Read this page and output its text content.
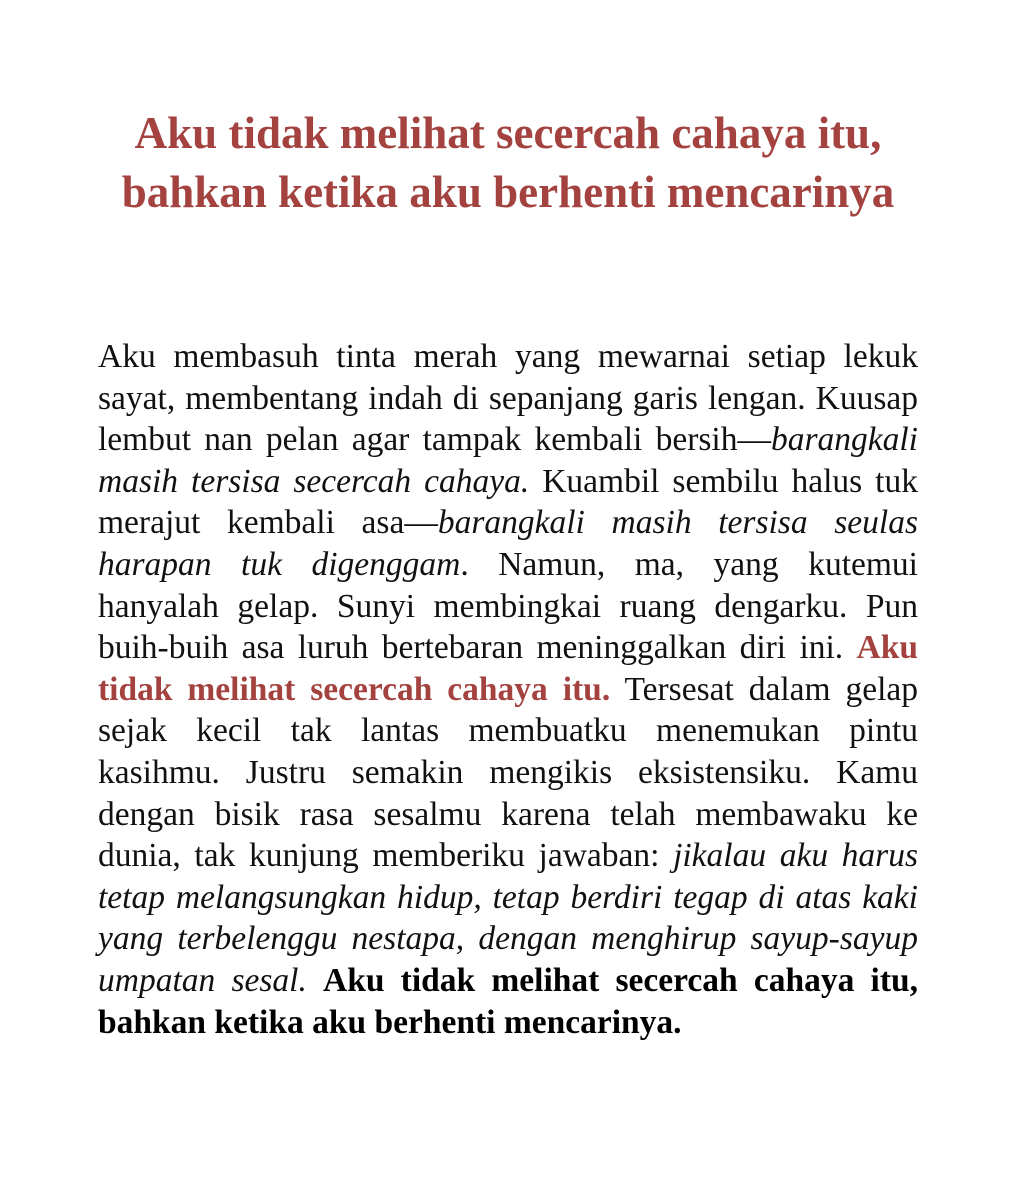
Aku tidak melihat secercah cahaya itu, bahkan ketika aku berhenti mencarinya

Aku membasuh tinta merah yang mewarnai setiap lekuk sayat, membentang indah di sepanjang garis lengan. Kuusap lembut nan pelan agar tampak kembali bersih—barangkali masih tersisa secercah cahaya. Kuambil sembilu halus tuk merajut kembali asa—barangkali masih tersisa seulas harapan tuk digenggam. Namun, ma, yang kutemui hanyalah gelap. Sunyi membingkai ruang dengarku. Pun buih-buih asa luruh bertebaran meninggalkan diri ini. Aku tidak melihat secercah cahaya itu. Tersesat dalam gelap sejak kecil tak lantas membuatku menemukan pintu kasihmu. Justru semakin mengikis eksistensiku. Kamu dengan bisik rasa sesalmu karena telah membawaku ke dunia, tak kunjung memberiku jawaban: jikalau aku harus tetap melangsungkan hidup, tetap berdiri tegap di atas kaki yang terbelenggu nestapa, dengan menghirup sayup-sayup umpatan sesal. Aku tidak melihat secercah cahaya itu, bahkan ketika aku berhenti mencarinya.
